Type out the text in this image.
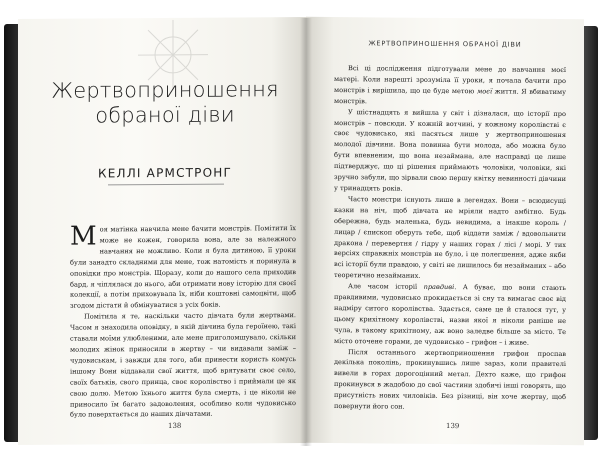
Жертвоприношення
обраної діви
КЕЛЛІ АРМСТРОНГ

Моя матінка навчила мене бачити монстрів. Помітити їх може не кожен, говорила вона, але за належного навчання не можливо. Коли я була дитиною, її уроки були занадто складними для мене, тож натомість я поринула в оповідки про монстрів. Щоразу, коли до нашого села приходив бард, я чіплялася до нього, аби отримати нову історію для своєї колекції, а потім приховувала їх, ніби коштовні самоцвіти, щоб згодом дістати й обмінуватися з усіх боків.

Помітила я те, наскільки часто дівчата були жертвами. Часом я знаходила оповідку, в якій дівчина була героїнею, такі ставали моїми улюбленими, але мене приголомшувало, скільки молодих жінок приносили в жертву – чи видавали заміж – чудовиськам, і завжди для того, аби принести користь комусь іншому Вони віддавали свої життя, щоб врятувати своє село, своїх батьків, свого принца, своє королівство і приймали це як свою долю. Метою їхнього життя була смерть, і це ніколи не приносило їм багато задоволення, особливо коли чудовисько було поверхтається до наших дівчатами.

138
ЖЕРТВОПРИНОШЕННЯ ОБРАНОЇ ДІВИ

Всі ці дослідження підготували мене до навчання моєї матері. Коли нарешті зрозуміла її уроки, я почала бачити про монстрів і вирішила, що це буде метою моєї життя. Я вбиватиму монстрів.

У шістнадцять я вийшла у світ і дізналася, що історії про монстрів – повсюди. У кожній вотчині, у кожному королівстві є своє чудовисько, які пасяться лише у жертвоприношення молодої дівчини. Вона повинна бути молода, або можна було бути впевненим, що вона незаймана, але насправді це лише підтверджує, що ці рішення приймають чоловіки, чоловіки, які зручно забули, що зірвали свою першу квітку невинності дівчини у тринадцять років.

Часто монстри існують лише в легендах. Вони – всюдисущі казки на ніч, щоб дівчата не мріяли надто амбітно. Будь обережна, будь маленька, будь невидима, а інакше король / лицар / єпископ оберуть тебе, щоб віддати заміж / вдовольнити дракона / перевертня / гідру у наших горах / лісі / морі. У тих версіях справжніх монстрів не було, і це полегшення, адже якби всі історії були правдою, у світі не лишилось би незайманих – або теоретично незайманих.

Але часом історії правдиві. А буває, що вони стають правдивими, чудовисько прокидається зі сну та вимагає своє від надміру ситого королівства. Здається, саме це й сталося тут, у цьому крихітному королівстві, назви якої я ніколи раніше не чула, в такому крихітному, аж воно заледве більше за місто. Те місто оточене горами, де чудовисько – грифон – і живе.

Після останнього жертвоприношення грифон проспав декілька поколінь, прокинувшись лише зараз, коли правителі вивели в горах дорогоцінний метал. Дехто каже, що грифон прокинувся в жадобою до свої частини здобичі інші говорять, що присутність нових чиловіків. Без різниці, він хоче жертву, щоб повернути його сон.

139
